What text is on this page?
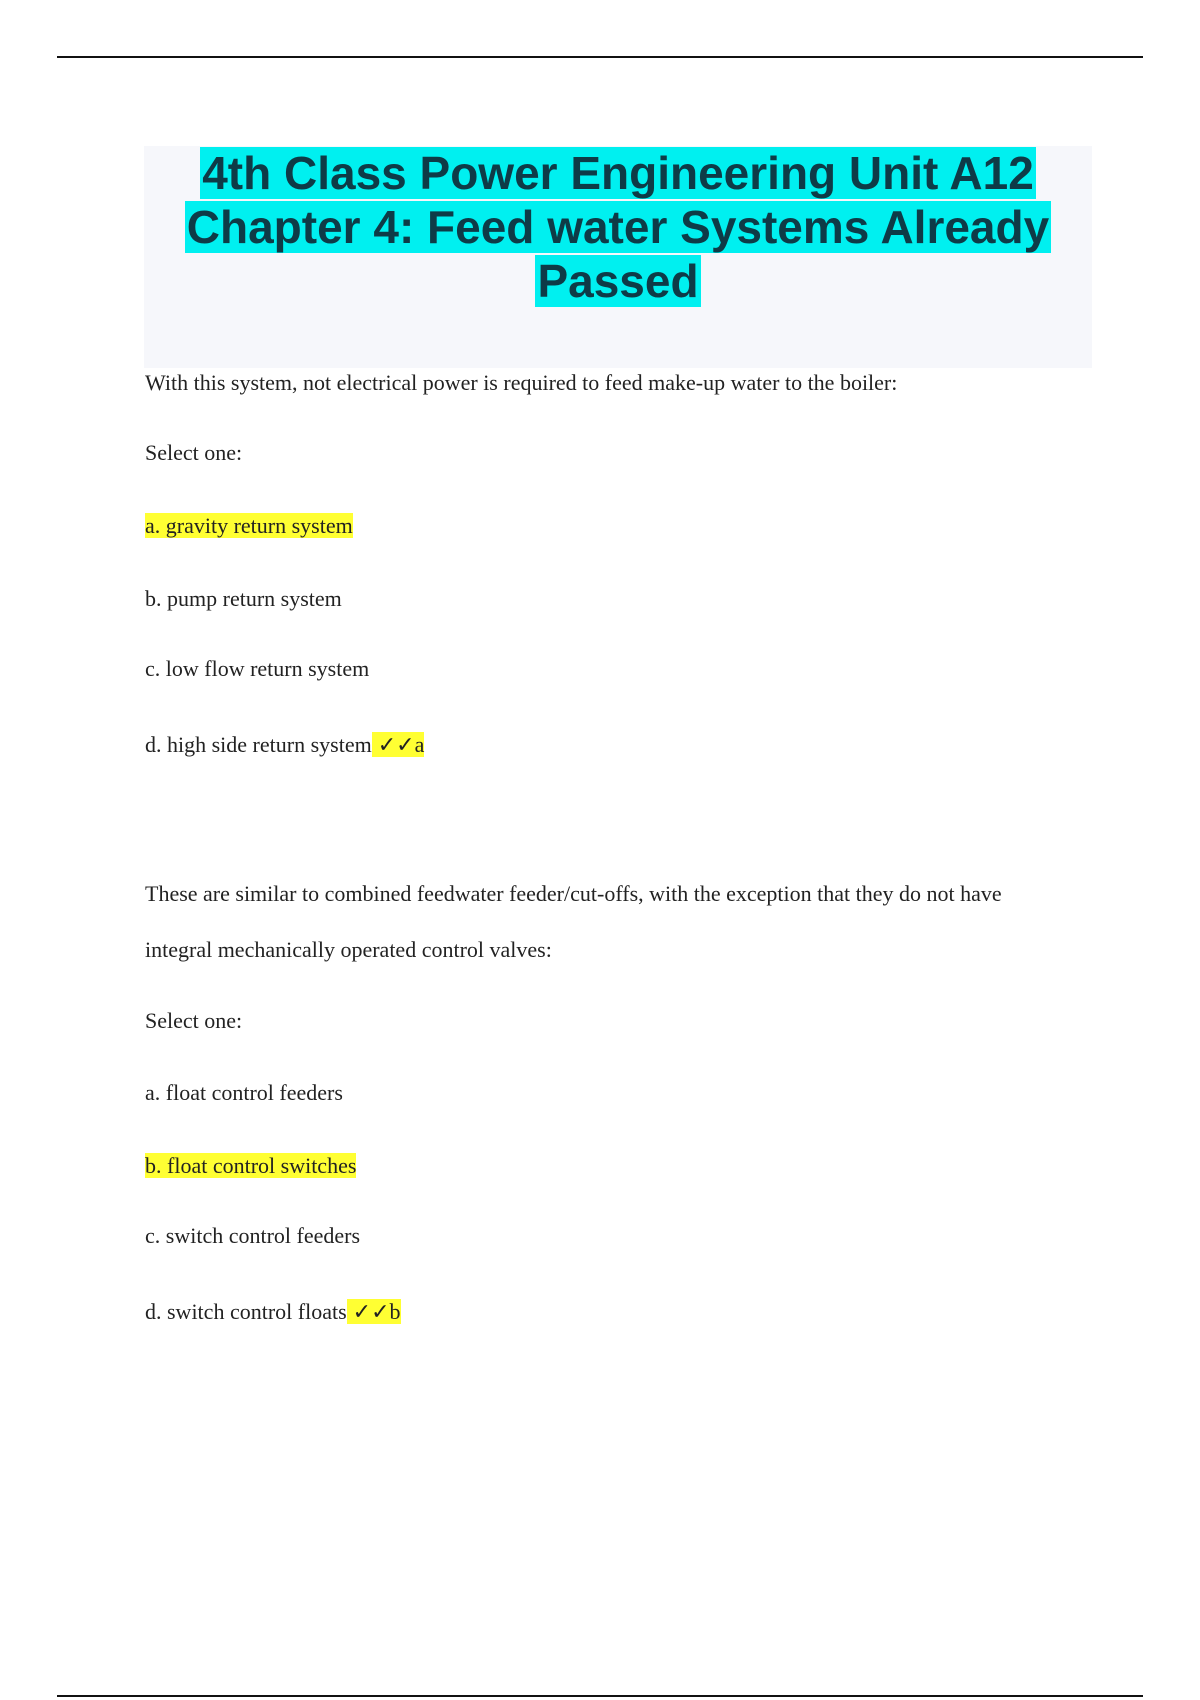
4th Class Power Engineering Unit A12
Chapter 4: Feed water Systems Already
Passed
With this system, not electrical power is required to feed make-up water to the boiler:
Select one:
a. gravity return system
b. pump return system
c. low flow return system
d. high side return system ✓✓a
These are similar to combined feedwater feeder/cut-offs, with the exception that they do not have
integral mechanically operated control valves:
Select one:
a. float control feeders
b. float control switches
c. switch control feeders
d. switch control floats ✓✓b
